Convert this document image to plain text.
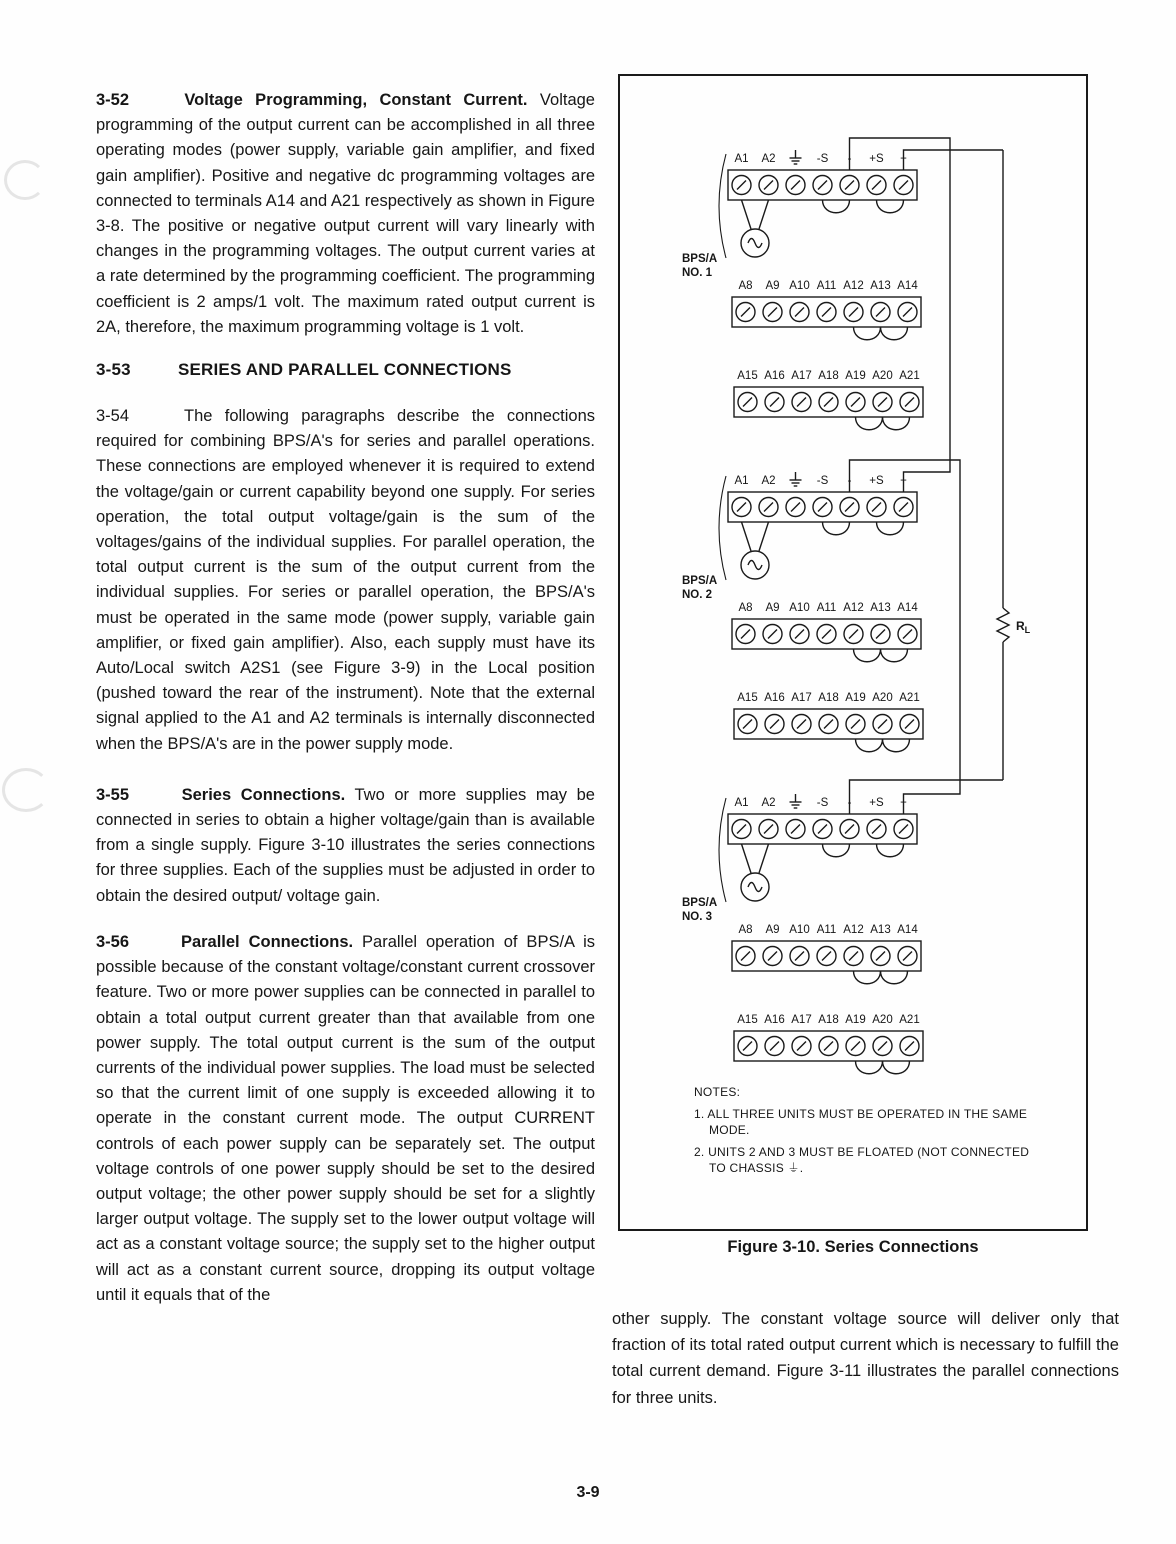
3-52	Voltage Programming, Constant Current. Voltage programming of the output current can be accomplished in all three operating modes (power supply, variable gain amplifier, and fixed gain amplifier). Positive and negative dc programming voltages are connected to terminals A14 and A21 respectively as shown in Figure 3-8. The positive or negative output current will vary linearly with changes in the programming voltages. The output current varies at a rate determined by the programming coefficient. The programming coefficient is 2 amps/1 volt. The maximum rated output current is 2A, therefore, the maximum programming voltage is 1 volt.

3-53	SERIES AND PARALLEL CONNECTIONS

3-54	The following paragraphs describe the connections required for combining BPS/A's for series and parallel operations. These connections are employed whenever it is required to extend the voltage/gain or current capability beyond one supply. For series operation, the total output voltage/gain is the sum of the voltages/gains of the individual supplies. For parallel operation, the total output current is the sum of the output current from the individual supplies. For series or parallel operation, the BPS/A's must be operated in the same mode (power supply, variable gain amplifier, or fixed gain amplifier). Also, each supply must have its Auto/Local switch A2S1 (see Figure 3-9) in the Local position (pushed toward the rear of the instrument). Note that the external signal applied to the A1 and A2 terminals is internally disconnected when the BPS/A's are in the power supply mode.

3-55	Series Connections. Two or more supplies may be connected in series to obtain a higher voltage/gain than is available from a single supply. Figure 3-10 illustrates the series connections for three supplies. Each of the supplies must be adjusted in order to obtain the desired output/ voltage gain.

3-56	Parallel Connections. Parallel operation of BPS/A is possible because of the constant voltage/constant current crossover feature. Two or more power supplies can be connected in parallel to obtain a total output current greater than that available from one power supply. The total output current is the sum of the output currents of the individual power supplies. The load must be selected so that the current limit of one supply is exceeded allowing it to operate in the constant current mode. The output CURRENT controls of each power supply can be separately set. The output voltage controls of one power supply should be set to the desired output voltage; the other power supply should be set for a slightly larger output voltage. The supply set to the lower output voltage will act as a constant voltage source; the supply set to the higher output will act as a constant current source, dropping its output voltage until it equals that of the

A1 A2	-S - +S +
BPS/A
NO. 1
A8 A9 A10 A11 A12 A13 A14
A15 A16 A17 A18 A19 A20 A21
A1 A2	-S - +S +
BPS/A
NO. 2
A8 A9 A10 A11 A12 A13 A14
A15 A16 A17 A18 A19 A20 A21
A1 A2	-S - +S +
BPS/A
NO. 3
A8 A9 A10 A11 A12 A13 A14
A15 A16 A17 A18 A19 A20 A21
$R_L$
NOTES:
1. ALL THREE UNITS MUST BE OPERATED IN THE SAME MODE.
2. UNITS 2 AND 3 MUST BE FLOATED (NOT CONNECTED TO CHASSIS ⏚.
Figure 3-10. Series Connections

other supply. The constant voltage source will deliver only that fraction of its total rated output current which is necessary to fulfill the total current demand. Figure 3-11 illustrates the parallel connections for three units.

3-9
